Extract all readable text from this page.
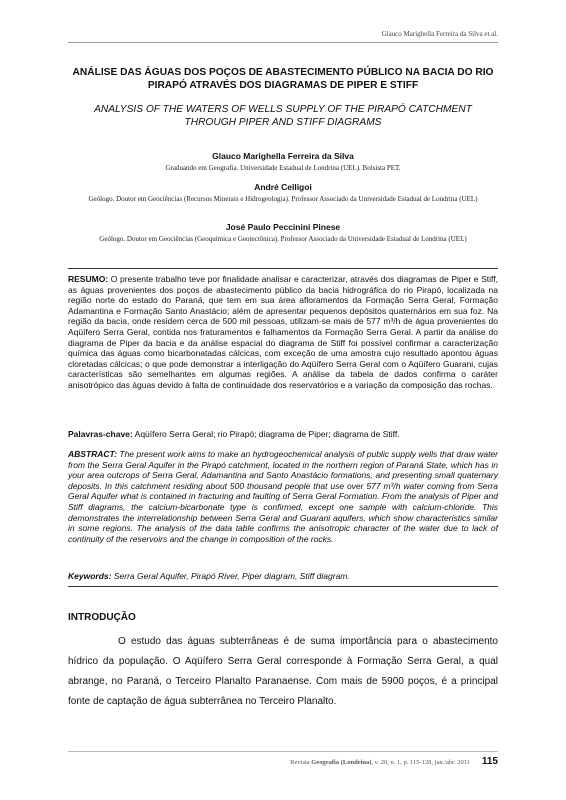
Glauco Marighella Ferreira da Silva et al.
ANÁLISE DAS ÁGUAS DOS POÇOS DE ABASTECIMENTO PÚBLICO NA BACIA DO RIO PIRAPÓ ATRAVÉS DOS DIAGRAMAS DE PIPER E STIFF
ANALYSIS OF THE WATERS OF WELLS SUPPLY OF THE PIRAPÓ CATCHMENT THROUGH PIPER AND STIFF DIAGRAMS
Glauco Marighella Ferreira da Silva
Graduando em Geografia. Universidade Estadual de Londrina (UEL). Bolsista PET.
André Celligoi
Geólogo. Doutor em Geociências (Recursos Minerais e Hidrogeologia). Professor Associado da Universidade Estadual de Londrina (UEL)
José Paulo Peccinini Pinese
Geólogo. Doutor em Geociências (Geoquímica e Geotectônica). Professor Associado da Universidade Estadual de Londrina (UEL)
RESUMO: O presente trabalho teve por finalidade analisar e caracterizar, através dos diagramas de Piper e Stiff, as águas provenientes dos poços de abastecimento público da bacia hidrográfica do rio Pirapó, localizada na região norte do estado do Paraná, que tem em sua área afloramentos da Formação Serra Geral, Formação Adamantina e Formação Santo Anastácio; além de apresentar pequenos depósitos quaternários em sua foz. Na região da bacia, onde residem cerca de 500 mil pessoas, utilizam-se mais de 577 m³/h de água provenientes do Aqüífero Serra Geral, contida nos fraturamentos e falhamentos da Formação Serra Geral. A partir da análise do diagrama de Piper da bacia e da análise espacial do diagrama de Stiff foi possível confirmar a caracterização química das águas como bicarbonatadas cálcicas, com exceção de uma amostra cujo resultado apontou águas cloretadas cálcicas; o que pode demonstrar a interligação do Aqüífero Serra Geral com o Aqüífero Guarani, cujas características são semelhantes em algumas regiões. A análise da tabela de dados confirma o caráter anisotrópico das águas devido à falta de continuidade dos reservatórios e a variação da composição das rochas.
Palavras-chave: Aqüífero Serra Geral; rio Pirapó; diagrama de Piper; diagrama de Stiff.
ABSTRACT: The present work aims to make an hydrogeochemical analysis of public supply wells that draw water from the Serra Geral Aquifer in the Pirapó catchment, located in the northern region of Paraná State, which has in your area outcrops of Serra Geral, Adamantina and Santo Anastácio formations, and presenting small quaternary deposits. In this catchment residing about 500 thousand people that use over 577 m³/h water coming from Serra Geral Aquifer what is contained in fracturing and faulting of Serra Geral Formation. From the analysis of Piper and Stiff diagrams, the calcium-bicarbonate type is confirmed, except one sample with calcium-chloride. This demonstrates the interrelationship between Serra Geral and Guarani aquifers, which show characteristics similar in some regions. The analysis of the data table confirms the anisotropic character of the water due to lack of continuity of the reservoirs and the change in composition of the rocks.
Keywords: Serra Geral Aquifer, Pirapó River, Piper diagram, Stiff diagram.
INTRODUÇÃO
O estudo das águas subterrâneas é de suma importância para o abastecimento hídrico da população. O Aqüífero Serra Geral corresponde à Formação Serra Geral, a qual abrange, no Paraná, o Terceiro Planalto Paranaense. Com mais de 5900 poços, é a principal fonte de captação de água subterrânea no Terceiro Planalto.
Revista Geografia (Londrina), v. 20, n. 1, p. 115-128, jan./abr. 2011	115
